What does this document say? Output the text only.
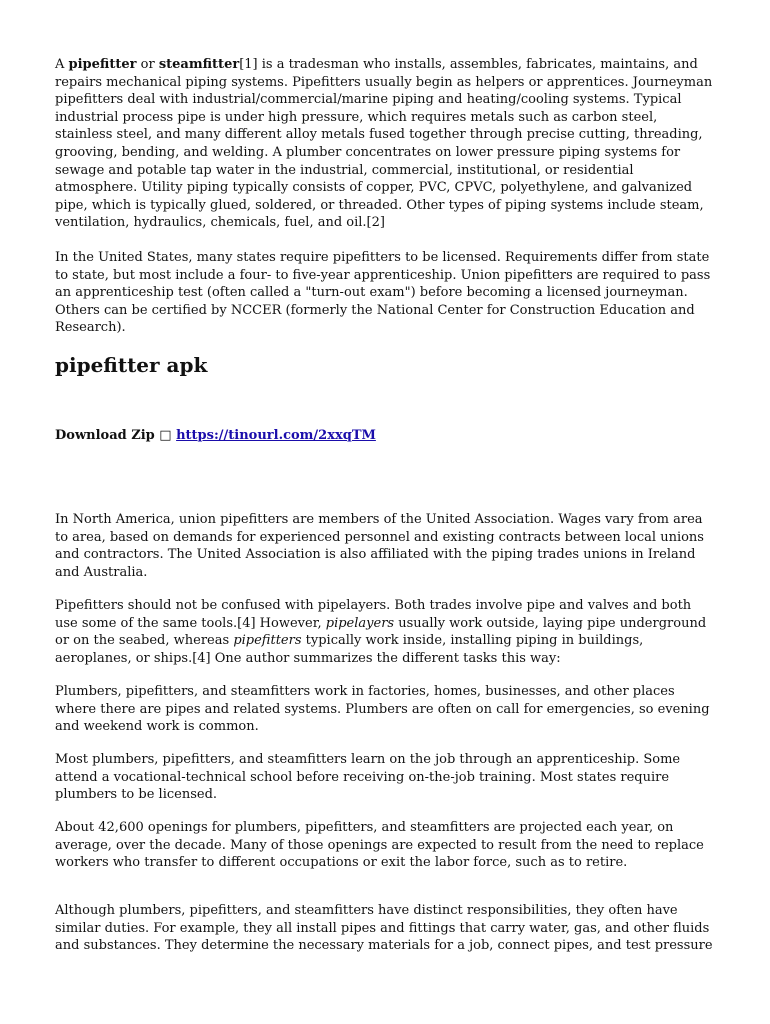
A pipefitter or steamfitter[1] is a tradesman who installs, assembles, fabricates, maintains, and repairs mechanical piping systems. Pipefitters usually begin as helpers or apprentices. Journeyman pipefitters deal with industrial/commercial/marine piping and heating/cooling systems. Typical industrial process pipe is under high pressure, which requires metals such as carbon steel, stainless steel, and many different alloy metals fused together through precise cutting, threading, grooving, bending, and welding. A plumber concentrates on lower pressure piping systems for sewage and potable tap water in the industrial, commercial, institutional, or residential atmosphere. Utility piping typically consists of copper, PVC, CPVC, polyethylene, and galvanized pipe, which is typically glued, soldered, or threaded. Other types of piping systems include steam, ventilation, hydraulics, chemicals, fuel, and oil.[2]

In the United States, many states require pipefitters to be licensed. Requirements differ from state to state, but most include a four- to five-year apprenticeship. Union pipefitters are required to pass an apprenticeship test (often called a "turn-out exam") before becoming a licensed journeyman. Others can be certified by NCCER (formerly the National Center for Construction Education and Research).

pipefitter apk

Download Zip □ https://tinourl.com/2xxqTM

In North America, union pipefitters are members of the United Association. Wages vary from area to area, based on demands for experienced personnel and existing contracts between local unions and contractors. The United Association is also affiliated with the piping trades unions in Ireland and Australia.

Pipefitters should not be confused with pipelayers. Both trades involve pipe and valves and both use some of the same tools.[4] However, pipelayers usually work outside, laying pipe underground or on the seabed, whereas pipefitters typically work inside, installing piping in buildings, aeroplanes, or ships.[4] One author summarizes the different tasks this way:

Plumbers, pipefitters, and steamfitters work in factories, homes, businesses, and other places where there are pipes and related systems. Plumbers are often on call for emergencies, so evening and weekend work is common.

Most plumbers, pipefitters, and steamfitters learn on the job through an apprenticeship. Some attend a vocational-technical school before receiving on-the-job training. Most states require plumbers to be licensed.

About 42,600 openings for plumbers, pipefitters, and steamfitters are projected each year, on average, over the decade. Many of those openings are expected to result from the need to replace workers who transfer to different occupations or exit the labor force, such as to retire.

Although plumbers, pipefitters, and steamfitters have distinct responsibilities, they often have similar duties. For example, they all install pipes and fittings that carry water, gas, and other fluids and substances. They determine the necessary materials for a job, connect pipes, and test pressure
